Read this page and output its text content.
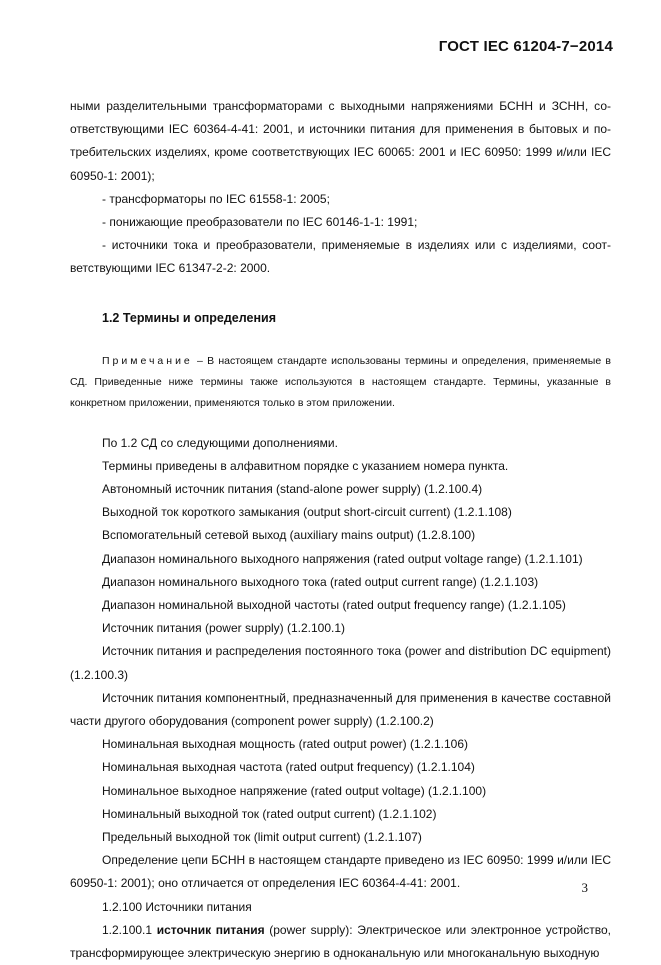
ГОСТ IEC 61204-7−2014

ными разделительными трансформаторами с выходными напряжениями БСНН и ЗСНН, соответствующими IEC 60364-4-41: 2001, и источники питания для применения в бытовых и потребительских изделиях, кроме соответствующих IEC 60065: 2001 и IEC 60950: 1999 и/или IEC 60950-1: 2001);

- трансформаторы по IEC 61558-1: 2005;

- понижающие преобразователи по IEC 60146-1-1: 1991;

- источники тока и преобразователи, применяемые в изделиях или с изделиями, соответствующими IEC 61347-2-2: 2000.

1.2 Термины и определения

Примечание – В настоящем стандарте использованы термины и определения, применяемые в СД. Приведенные ниже термины также используются в настоящем стандарте. Термины, указанные в конкретном приложении, применяются только в этом приложении.

По 1.2 СД со следующими дополнениями.

Термины приведены в алфавитном порядке с указанием номера пункта.

Автономный источник питания (stand-alone power supply) (1.2.100.4)

Выходной ток короткого замыкания (output short-circuit current) (1.2.1.108)

Вспомогательный сетевой выход (auxiliary mains output) (1.2.8.100)

Диапазон номинального выходного напряжения (rated output voltage range) (1.2.1.101)

Диапазон номинального выходного тока (rated output current range) (1.2.1.103)

Диапазон номинальной выходной частоты (rated output frequency range) (1.2.1.105)

Источник питания (power supply) (1.2.100.1)

Источник питания и распределения постоянного тока (power and distribution DC equipment) (1.2.100.3)

Источник питания компонентный, предназначенный для применения в качестве составной части другого оборудования (component power supply) (1.2.100.2)

Номинальная выходная мощность (rated output power) (1.2.1.106)

Номинальная выходная частота (rated output frequency) (1.2.1.104)

Номинальное выходное напряжение (rated output voltage) (1.2.1.100)

Номинальный выходной ток (rated output current) (1.2.1.102)

Предельный выходной ток (limit output current) (1.2.1.107)

Определение цепи БСНН в настоящем стандарте приведено из IEC 60950: 1999 и/или IEC 60950-1: 2001); оно отличается от определения IEC 60364-4-41: 2001.

1.2.100 Источники питания

1.2.100.1 источник питания (power supply): Электрическое или электронное устройство, трансформирующее электрическую энергию в одноканальную или многоканальную выходную

3
